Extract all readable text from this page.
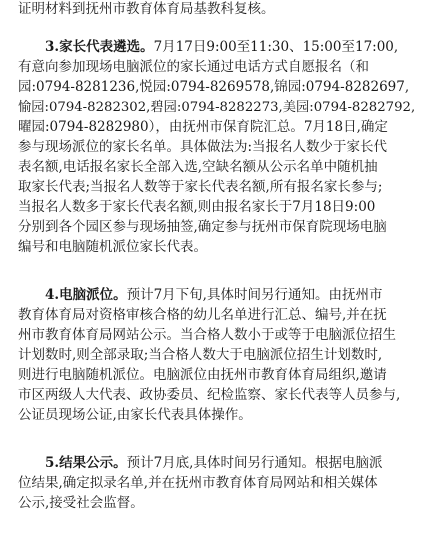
证明材料到抚州市教育体育局基教科复核。
3.家长代表遴选。7月17日9:00至11:30、15:00至17:00,
有意向参加现场电脑派位的家长通过电话方式自愿报名（和
园:0794-8281236,悦园:0794-8269578,锦园:0794-8282697,
愉园:0794-8282302,碧园:0794-8282273,美园:0794-8282792,
曜园:0794-8282980），由抚州市保育院汇总。7月18日,确定
参与现场派位的家长名单。具体做法为:当报名人数少于家长代
表名额,电话报名家长全部入选,空缺名额从公示名单中随机抽
取家长代表;当报名人数等于家长代表名额,所有报名家长参与;
当报名人数多于家长代表名额,则由报名家长于7月18日9:00
分别到各个园区参与现场抽签,确定参与抚州市保育院现场电脑
编号和电脑随机派位家长代表。
4.电脑派位。预计7月下旬,具体时间另行通知。由抚州市
教育体育局对资格审核合格的幼儿名单进行汇总、编号,并在抚
州市教育体育局网站公示。当合格人数小于或等于电脑派位招生
计划数时,则全部录取;当合格人数大于电脑派位招生计划数时,
则进行电脑随机派位。电脑派位由抚州市教育体育局组织,邀请
市区两级人大代表、政协委员、纪检监察、家长代表等人员参与,
公证员现场公证,由家长代表具体操作。
5.结果公示。预计7月底,具体时间另行通知。根据电脑派
位结果,确定拟录名单,并在抚州市教育体育局网站和相关媒体
公示,接受社会监督。
